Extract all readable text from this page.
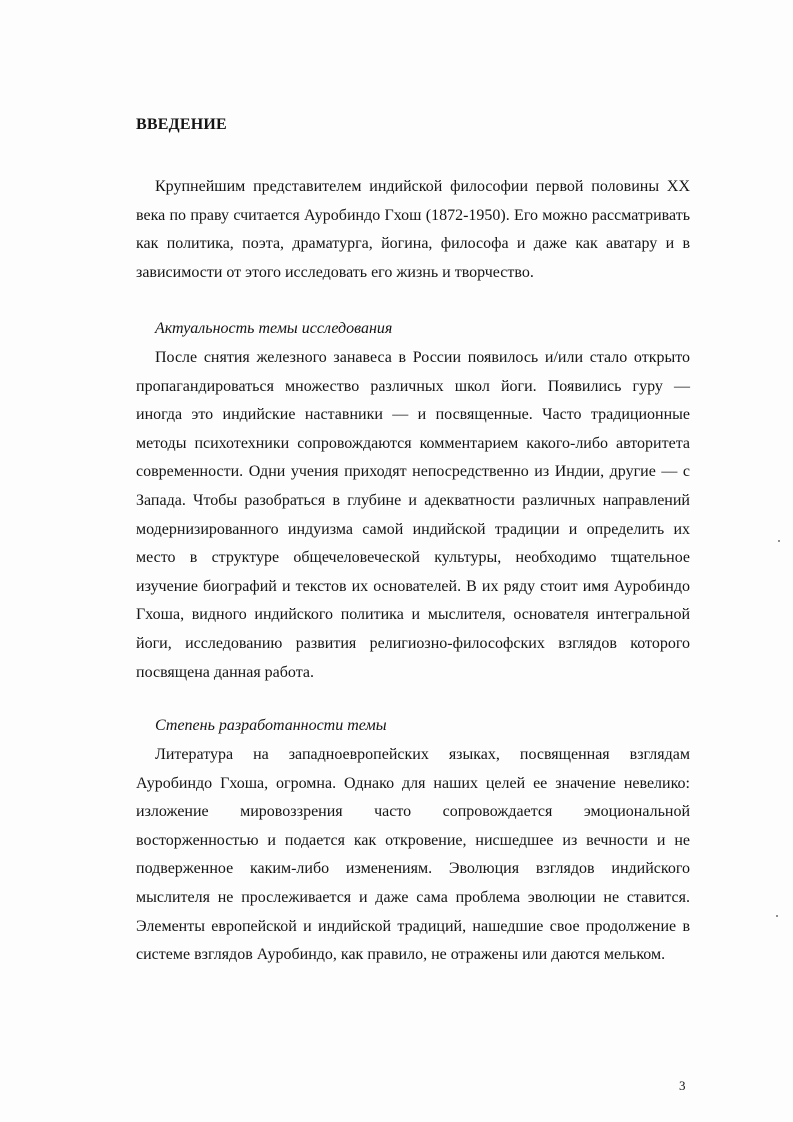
ВВЕДЕНИЕ

Крупнейшим представителем индийской философии первой половины XX века по праву считается Ауробиндо Гхош (1872-1950). Его можно рассматривать как политика, поэта, драматурга, йогина, философа и даже как аватару и в зависимости от этого исследовать его жизнь и творчество.

Актуальность темы исследования

После снятия железного занавеса в России появилось и/или стало открыто пропагандироваться множество различных школ йоги. Появились гуру — иногда это индийские наставники — и посвященные. Часто традиционные методы психотехники сопровождаются комментарием какого-либо авторитета современности. Одни учения приходят непосредственно из Индии, другие — с Запада. Чтобы разобраться в глубине и адекватности различных направлений модернизированного индуизма самой индийской традиции и определить их место в структуре общечеловеческой культуры, необходимо тщательное изучение биографий и текстов их основателей. В их ряду стоит имя Ауробиндо Гхоша, видного индийского политика и мыслителя, основателя интегральной йоги, исследованию развития религиозно-философских взглядов которого посвящена данная работа.

Степень разработанности темы

Литература на западноевропейских языках, посвященная взглядам Ауробиндо Гхоша, огромна. Однако для наших целей ее значение невелико: изложение мировоззрения часто сопровождается эмоциональной восторженностью и подается как откровение, нисшедшее из вечности и не подверженное каким-либо изменениям. Эволюция взглядов индийского мыслителя не прослеживается и даже сама проблема эволюции не ставится. Элементы европейской и индийской традиций, нашедшие свое продолжение в системе взглядов Ауробиндо, как правило, не отражены или даются мельком.

3
